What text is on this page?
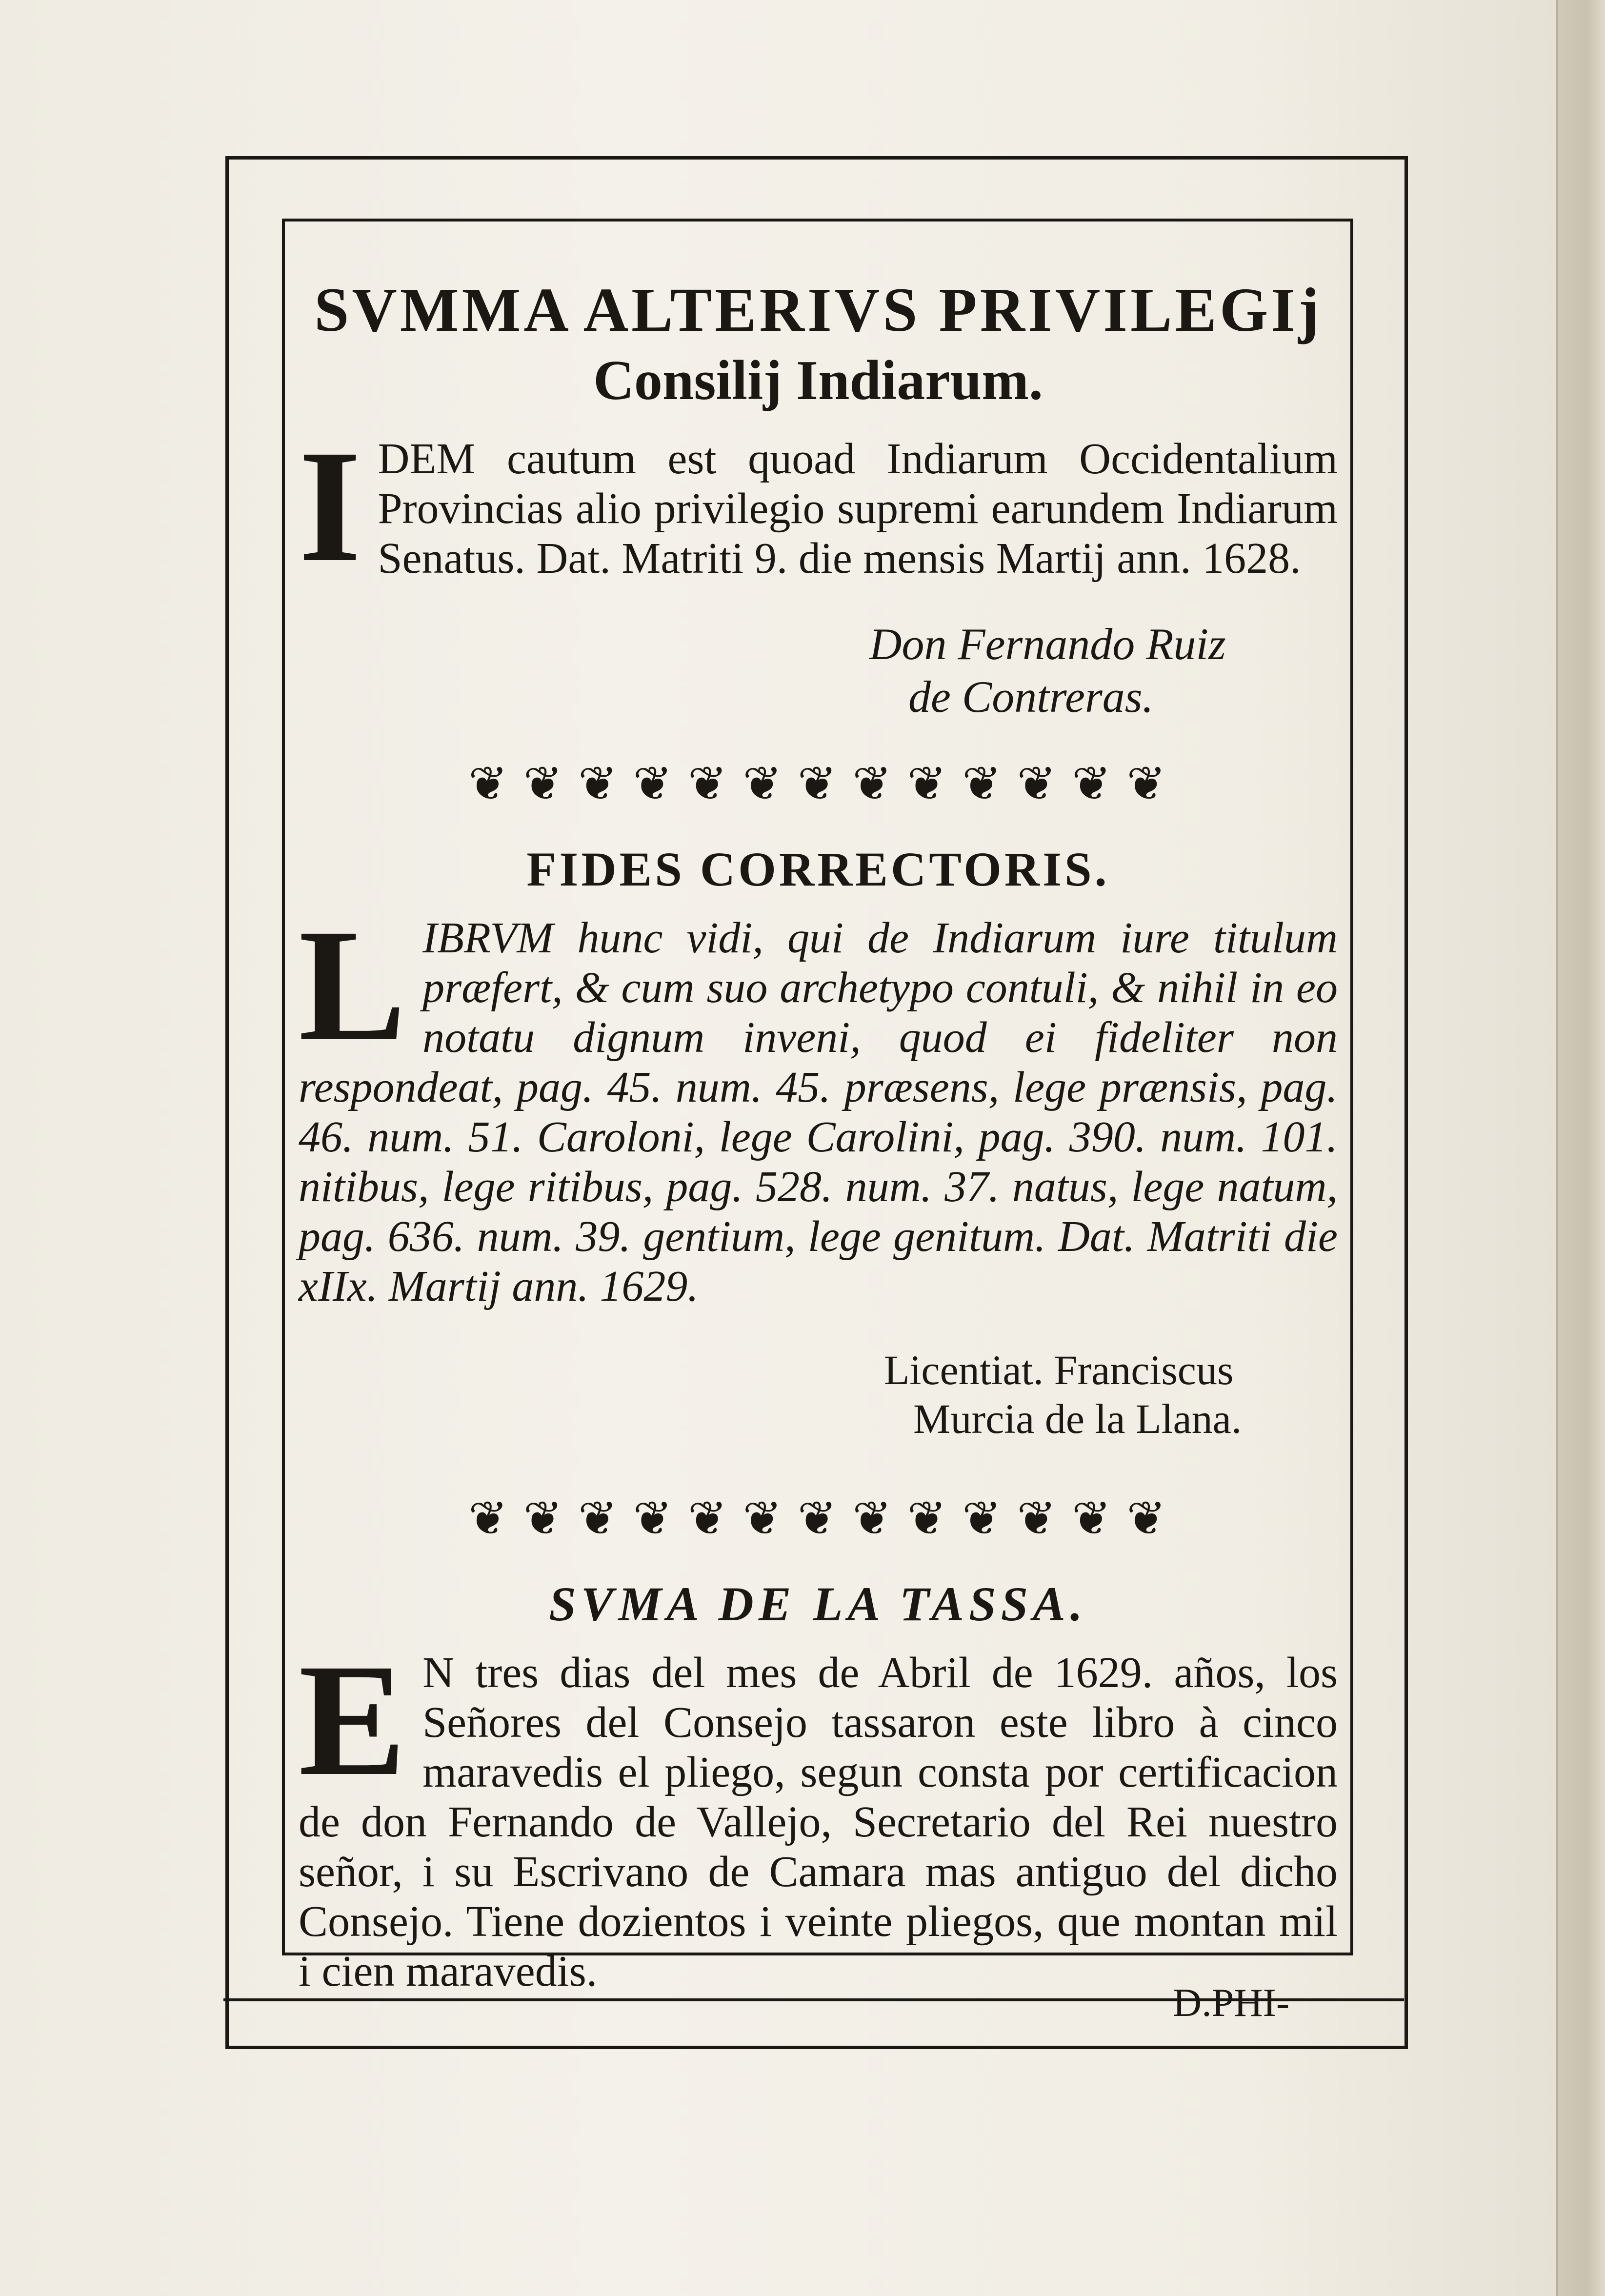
SVMMA ALTERIVS PRIVILEGIj
Consilij Indiarum.

I DEM cautum est quoad Indiarum Occidentalium Provincias alio privilegio supremi earundem Indiarum Senatus. Dat. Matriti 9. die mensis Martij ann. 1628.

Don Fernando Ruiz

de Contreras.

❦ ❦ ❦ ❦ ❦ ❦ ❦ ❦ ❦ ❦ ❦ ❦ ❦

FIDES CORRECTORIS.

L IBRVM hunc vidi, qui de Indiarum iure titulum præfert, & cum suo archetypo contuli, & nihil in eo notatu dignum inveni, quod ei fideliter non respondeat, pag. 45. num. 45. præsens, lege prænsis, pag. 46. num. 51. Caroloni, lege Carolini, pag. 390. num. 101. nitibus, lege ritibus, pag. 528. num. 37. natus, lege natum, pag. 636. num. 39. gentium, lege genitum. Dat. Matriti die xIIx. Martij ann. 1629.

Licentiat. Franciscus

Murcia de la Llana.

❦ ❦ ❦ ❦ ❦ ❦ ❦ ❦ ❦ ❦ ❦ ❦ ❦

SVMA DE LA TASSA.

E N tres dias del mes de Abril de 1629. años, los Señores del Consejo tassaron este libro à cinco maravedis el pliego, segun consta por certificacion de don Fernando de Vallejo, Secretario del Rei nuestro señor, i su Escrivano de Camara mas antiguo del dicho Consejo. Tiene dozientos i veinte pliegos, que montan mil i cien maravedis.

D.PHI-
